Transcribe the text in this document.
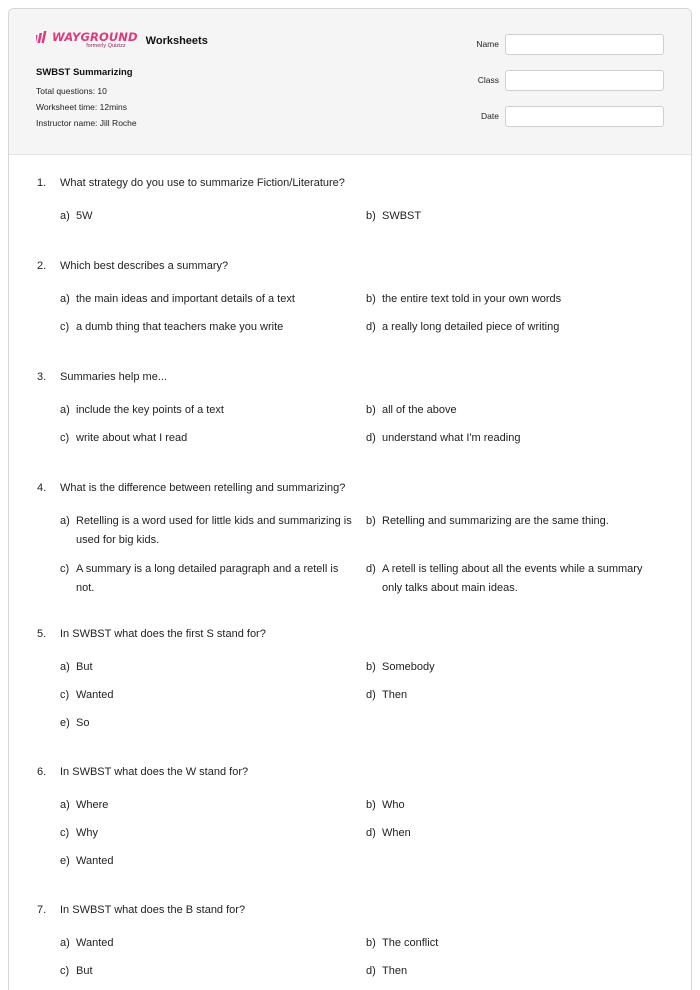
WAYGROUND
formerly Quizizz Worksheets
SWBST Summarizing
Total questions: 10
Worksheet time: 12mins
Instructor name: Jill Roche
Name
Class
Date
1.	What strategy do you use to summarize Fiction/Literature?
a) 5W	b) SWBST
2.	Which best describes a summary?
a) the main ideas and important details of a text	b) the entire text told in your own words
c) a dumb thing that teachers make you write	d) a really long detailed piece of writing
3.	Summaries help me...
a) include the key points of a text	b) all of the above
c) write about what I read	d) understand what I'm reading
4.	What is the difference between retelling and summarizing?
a) Retelling is a word used for little kids and summarizing is used for big kids.
b) Retelling and summarizing are the same thing.
c) A summary is a long detailed paragraph and a retell is not.
d) A retell is telling about all the events while a summary only talks about main ideas.
5.	In SWBST what does the first S stand for?
a) But	b) Somebody
c) Wanted	d) Then
e) So
6.	In SWBST what does the W stand for?
a) Where	b) Who
c) Why	d) When
e) Wanted
7.	In SWBST what does the B stand for?
a) Wanted	b) The conflict
c) But	d) Then
